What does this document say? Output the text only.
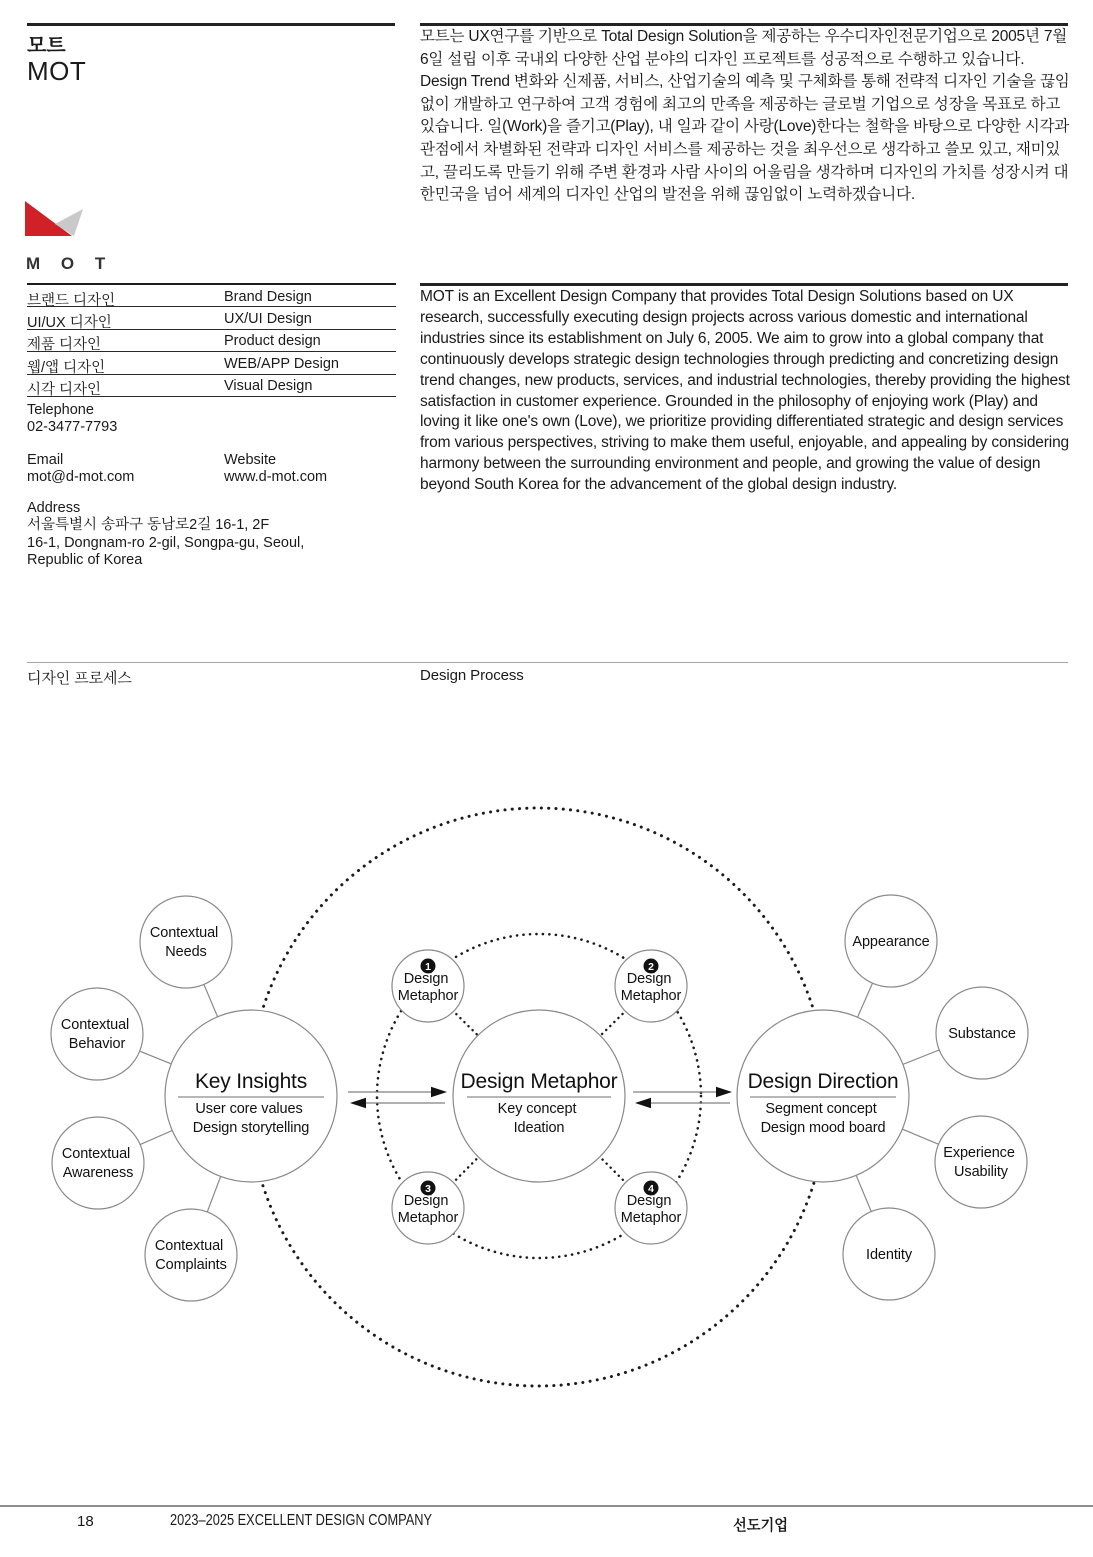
모트
MOT

모트는 UX연구를 기반으로 Total Design Solution을 제공하는 우수디자인전문기업으로 2005년 7월 6일 설립 이후 국내외 다양한 산업 분야의 디자인 프로젝트를 성공적으로 수행하고 있습니다. Design Trend 변화와 신제품, 서비스, 산업기술의 예측 및 구체화를 통해 전략적 디자인 기술을 끊임없이 개발하고 연구하여 고객 경험에 최고의 만족을 제공하는 글로벌 기업으로 성장을 목표로 하고 있습니다. 일(Work)을 즐기고(Play), 내 일과 같이 사랑(Love)한다는 철학을 바탕으로 다양한 시각과 관점에서 차별화된 전략과 디자인 서비스를 제공하는 것을 최우선으로 생각하고 쓸모 있고, 재미있고, 끌리도록 만들기 위해 주변 환경과 사람 사이의 어울림을 생각하며 디자인의 가치를 성장시켜 대한민국을 넘어 세계의 디자인 산업의 발전을 위해 끊임없이 노력하겠습니다.

M O T
브랜드 디자인	Brand Design
UI/UX 디자인	UX/UI Design
제품 디자인	Product design
웹/앱 디자인	WEB/APP Design
시각 디자인	Visual Design
Telephone
02-3477-7793
Email
mot@d-mot.com
Website
www.d-mot.com
Address
서울특별시 송파구 동남로2길 16-1, 2F
16-1, Dongnam-ro 2-gil, Songpa-gu, Seoul,
Republic of Korea

MOT is an Excellent Design Company that provides Total Design Solutions based on UX research, successfully executing design projects across various domestic and international industries since its establishment on July 6, 2005. We aim to grow into a global company that continuously develops strategic design technologies through predicting and concretizing design trend changes, new products, services, and industrial technologies, thereby providing the highest satisfaction in customer experience. Grounded in the philosophy of enjoying work (Play) and loving it like one's own (Love), we prioritize providing differentiated strategic and design services from various perspectives, striving to make them useful, enjoyable, and appealing by considering harmony between the surrounding environment and people, and growing the value of design beyond South Korea for the advancement of the global design industry.

디자인 프로세스	Design Process
Contextual Needs
Contextual Behavior
Contextual Awareness
Contextual Complaints
Appearance
Substance
Experience Usability
Identity
1
Design Metaphor
2
Design Metaphor
3
Design Metaphor
4
Design Metaphor
Key Insights
User core values Design storytelling
Design Metaphor
Key concept Ideation
Design Direction
Segment concept Design mood board
18	2023–2025 EXCELLENT DESIGN COMPANY	선도기업
